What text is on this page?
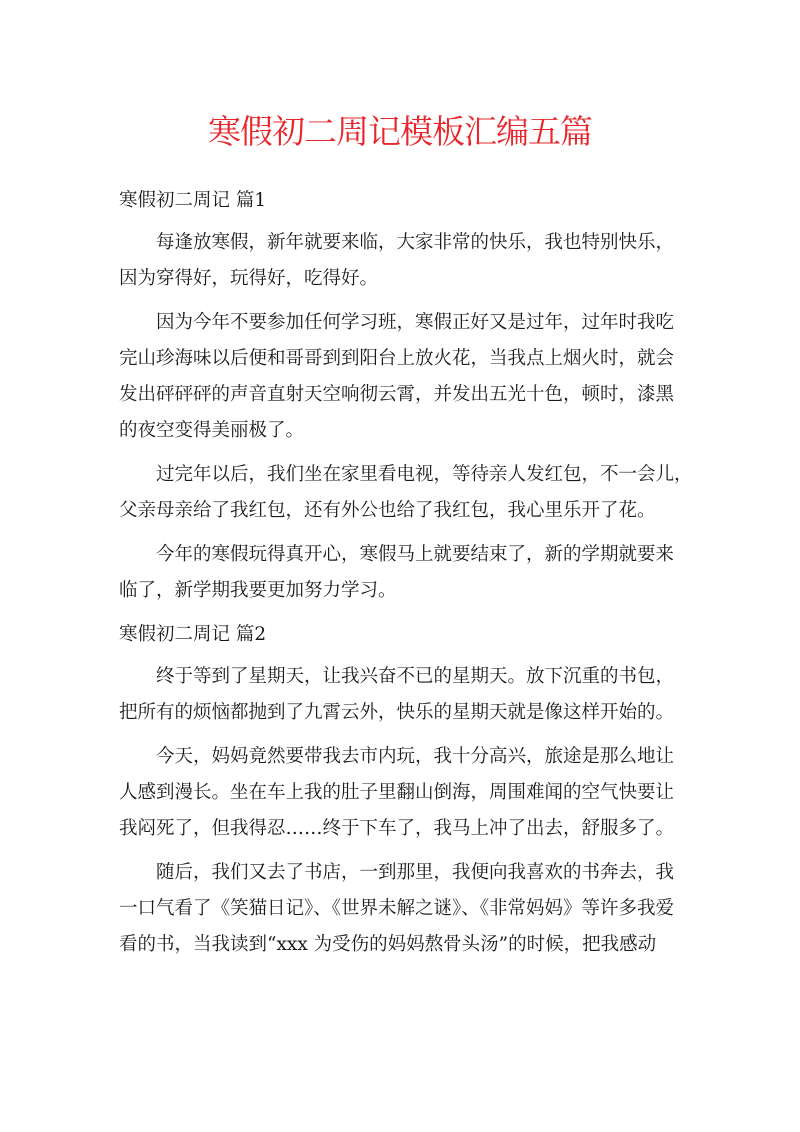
寒假初二周记模板汇编五篇

寒假初二周记 篇1

每逢放寒假，新年就要来临，大家非常的快乐，我也特别快乐，
因为穿得好，玩得好，吃得好。

因为今年不要参加任何学习班，寒假正好又是过年，过年时我吃
完山珍海味以后便和哥哥到到阳台上放火花，当我点上烟火时，就会
发出砰砰砰的声音直射天空响彻云霄，并发出五光十色，顿时，漆黑
的夜空变得美丽极了。

过完年以后，我们坐在家里看电视，等待亲人发红包，不一会儿，
父亲母亲给了我红包，还有外公也给了我红包，我心里乐开了花。

今年的寒假玩得真开心，寒假马上就要结束了，新的学期就要来
临了，新学期我要更加努力学习。

寒假初二周记 篇2

终于等到了星期天，让我兴奋不已的星期天。放下沉重的书包，
把所有的烦恼都抛到了九霄云外，快乐的星期天就是像这样开始的。

今天，妈妈竟然要带我去市内玩，我十分高兴，旅途是那么地让
人感到漫长。坐在车上我的肚子里翻山倒海，周围难闻的空气快要让
我闷死了，但我得忍……终于下车了，我马上冲了出去，舒服多了。

随后，我们又去了书店，一到那里，我便向我喜欢的书奔去，我
一口气看了《笑猫日记》、《世界未解之谜》、《非常妈妈》等许多我爱
看的书，当我读到“xxx 为受伤的妈妈熬骨头汤”的时候，把我感动
